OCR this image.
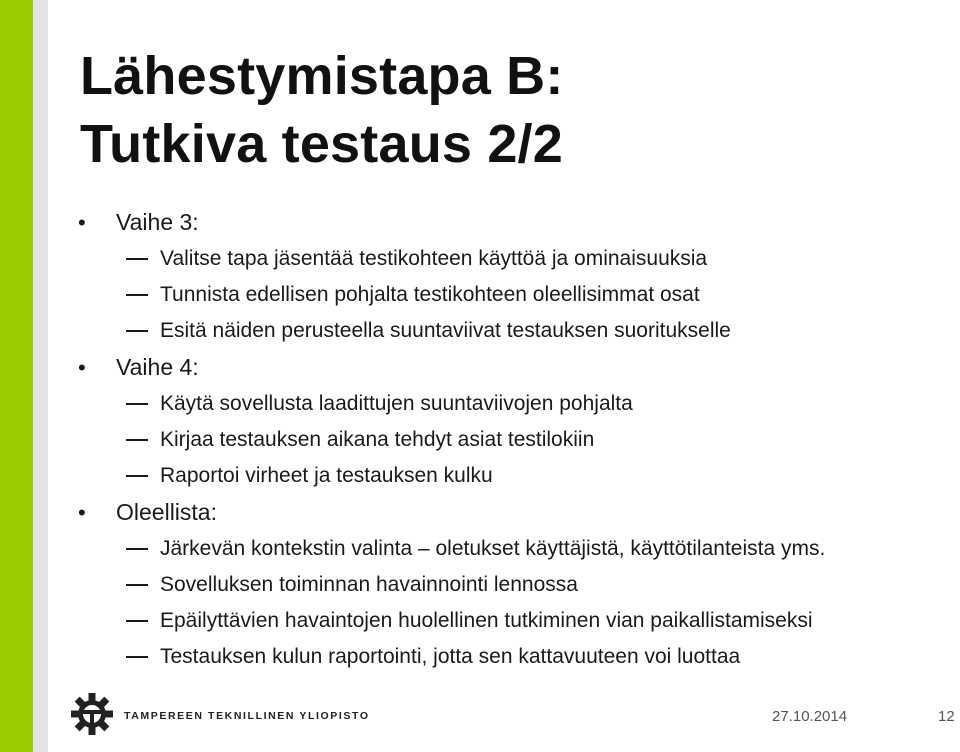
Lähestymistapa B:
Tutkiva testaus 2/2
• Vaihe 3:
Valitse tapa jäsentää testikohteen käyttöä ja ominaisuuksia
Tunnista edellisen pohjalta testikohteen oleellisimmat osat
Esitä näiden perusteella suuntaviivat testauksen suoritukselle
• Vaihe 4:
Käytä sovellusta laadittujen suuntaviivojen pohjalta
Kirjaa testauksen aikana tehdyt asiat testilokiin
Raportoi virheet ja testauksen kulku
• Oleellista:
Järkevän kontekstin valinta – oletukset käyttäjistä, käyttötilanteista yms.
Sovelluksen toiminnan havainnointi lennossa
Epäilyttävien havaintojen huolellinen tutkiminen vian paikallistamiseksi
Testauksen kulun raportointi, jotta sen kattavuuteen voi luottaa
TAMPEREEN TEKNILLINEN YLIOPISTO	27.10.2014	12
